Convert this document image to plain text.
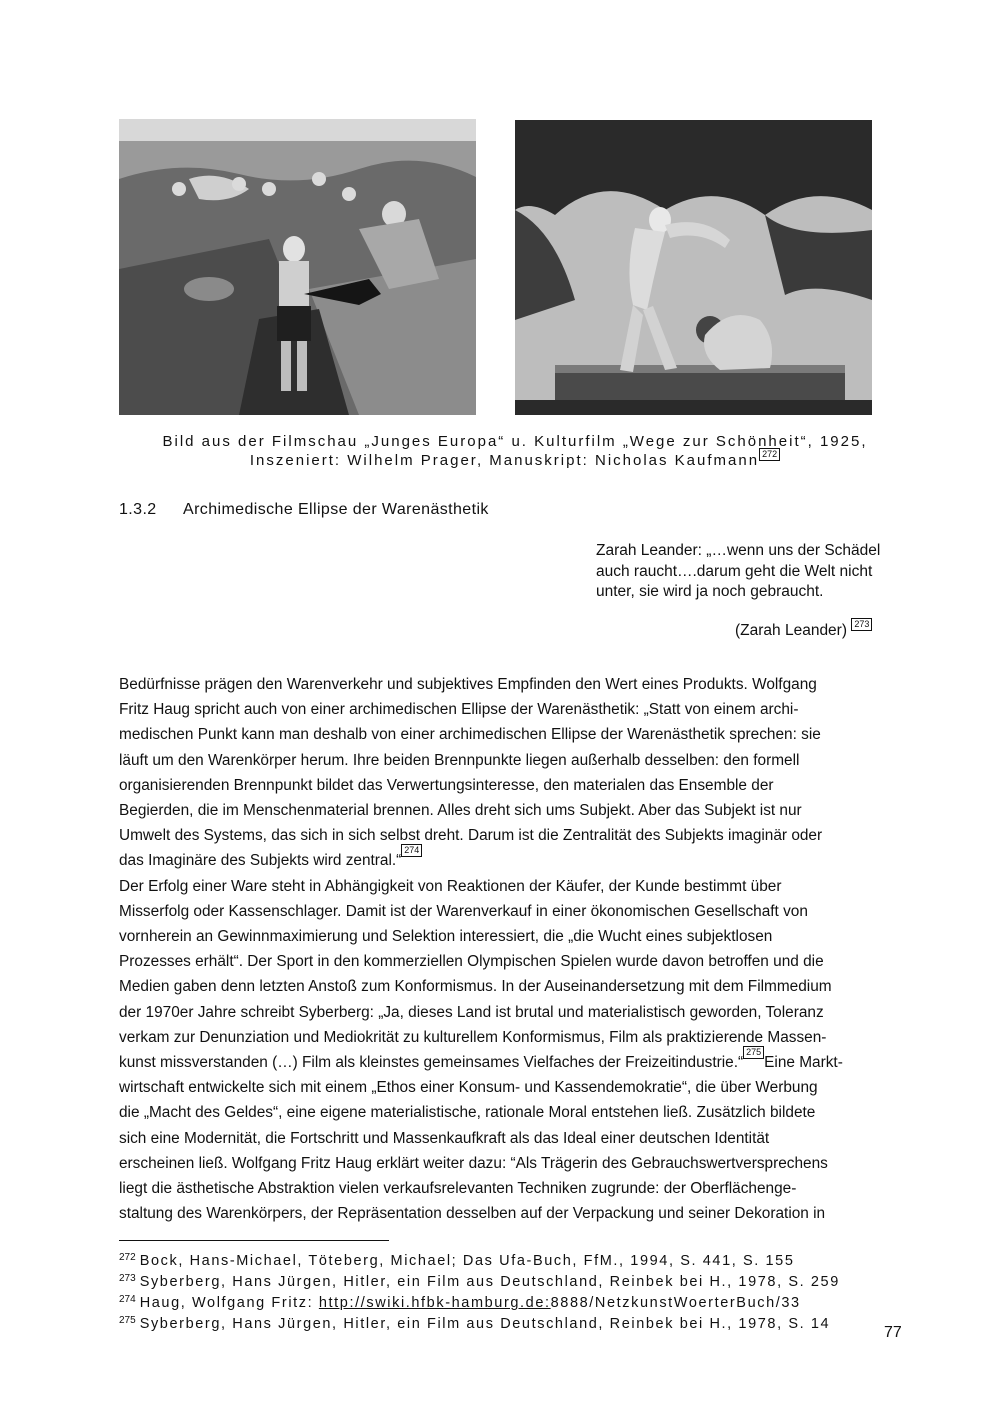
Bild aus der Filmschau „Junges Europa“ u. Kulturfilm „Wege zur Schönheit“, 1925,
Inszeniert: Wilhelm Prager, Manuskript: Nicholas Kaufmann 272
1.3.2 Archimedische Ellipse der Warenästhetik
Zarah Leander: „…wenn uns der Schädel
auch raucht….darum geht die Welt nicht
unter, sie wird ja noch gebraucht.
(Zarah Leander) 273

Bedürfnisse prägen den Warenverkehr und subjektives Empfinden den Wert eines Produkts. Wolfgang

Fritz Haug spricht auch von einer archimedischen Ellipse der Warenästhetik: „Statt von einem archi-

medischen Punkt kann man deshalb von einer archimedischen Ellipse der Warenästhetik sprechen: sie

läuft um den Warenkörper herum. Ihre beiden Brennpunkte liegen außerhalb desselben: den formell

organisierenden Brennpunkt bildet das Verwertungsinteresse, den materialen das Ensemble der

Begierden, die im Menschenmaterial brennen. Alles dreht sich ums Subjekt. Aber das Subjekt ist nur

Umwelt des Systems, das sich in sich selbst dreht. Darum ist die Zentralität des Subjekts imaginär oder

das Imaginäre des Subjekts wird zentral.“274

Der Erfolg einer Ware steht in Abhängigkeit von Reaktionen der Käufer, der Kunde bestimmt über

Misserfolg oder Kassenschlager. Damit ist der Warenverkauf in einer ökonomischen Gesellschaft von

vornherein an Gewinnmaximierung und Selektion interessiert, die „die Wucht eines subjektlosen

Prozesses erhält“. Der Sport in den kommerziellen Olympischen Spielen wurde davon betroffen und die

Medien gaben denn letzten Anstoß zum Konformismus. In der Auseinandersetzung mit dem Filmmedium

der 1970er Jahre schreibt Syberberg: „Ja, dieses Land ist brutal und materialistisch geworden, Toleranz

verkam zur Denunziation und Mediokrität zu kulturellem Konformismus, Film als praktizierende Massen-

kunst missverstanden (…) Film als kleinstes gemeinsames Vielfaches der Freizeitindustrie.“275Eine Markt-

wirtschaft entwickelte sich mit einem „Ethos einer Konsum- und Kassendemokratie“, die über Werbung

die „Macht des Geldes“, eine eigene materialistische, rationale Moral entstehen ließ. Zusätzlich bildete

sich eine Modernität, die Fortschritt und Massenkaufkraft als das Ideal einer deutschen Identität

erscheinen ließ. Wolfgang Fritz Haug erklärt weiter dazu: “Als Trägerin des Gebrauchswertversprechens

liegt die ästhetische Abstraktion vielen verkaufsrelevanten Techniken zugrunde: der Oberflächenge-

staltung des Warenkörpers, der Repräsentation desselben auf der Verpackung und seiner Dekoration in

$^{272}$ Bock, Hans-Michael, Töteberg, Michael; Das Ufa-Buch, FfM., 1994, S. 441, S. 155
$^{273}$ Syberberg, Hans Jürgen, Hitler, ein Film aus Deutschland, Reinbek bei H., 1978, S. 259
$^{274}$ Haug, Wolfgang Fritz: http://swiki.hfbk-hamburg.de:8888/NetzkunstWoerterBuch/33
$^{275}$ Syberberg, Hans Jürgen, Hitler, ein Film aus Deutschland, Reinbek bei H., 1978, S. 14	77
